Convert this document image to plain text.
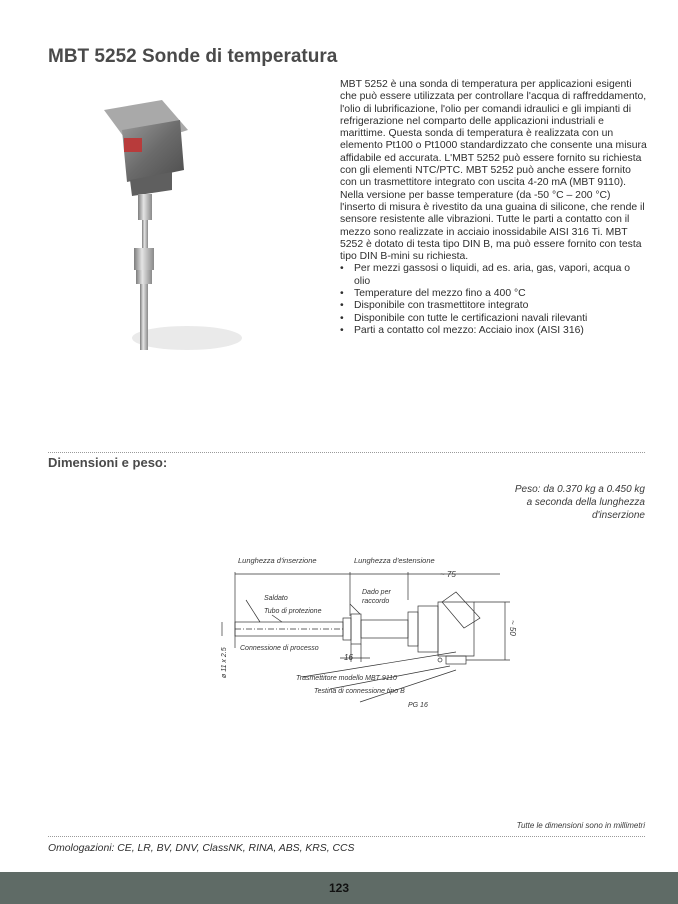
MBT 5252 Sonde di temperatura

MBT 5252 è una sonda di temperatura per applicazioni esigenti che può essere utilizzata per controllare l'acqua di raffreddamento, l'olio di lubrificazione, l'olio per comandi idraulici e gli impianti di refrigerazione nel comparto delle applicazioni industriali e marittime. Questa sonda di temperatura è realizzata con un elemento Pt100 o Pt1000 standardizzato che consente una misura affidabile ed accurata. L'MBT 5252 può essere fornito su richiesta con gli elementi NTC/PTC. MBT 5252 può anche essere fornito con un trasmettitore integrato con uscita 4-20 mA (MBT 9110). Nella versione per basse temperature (da -50 °C – 200 °C) l'inserto di misura è rivestito da una guaina di silicone, che rende il sensore resistente alle vibrazioni. Tutte le parti a contatto con il mezzo sono realizzate in acciaio inossidabile AISI 316 Ti. MBT 5252 è dotato di testa tipo DIN B, ma può essere fornito con testa tipo DIN B-mini su richiesta.

• Per mezzi gassosi o liquidi, ad es. aria, gas, vapori, acqua o olio
• Temperature del mezzo fino a 400 °C
• Disponibile con trasmettitore integrato
• Disponibile con tutte le certificazioni navali rilevanti
• Parti a contatto col mezzo: Acciaio inox (AISI 316)
Dimensioni e peso:
Peso: da 0.370 kg a 0.450 kg
a seconda della lunghezza
d'inserzione
Lunghezza d'inserzione	Lunghezza d'estensione
~ 75
Dado per
raccordo
Saldato
Tubo di protezione
Connessione di processo
16
~ 50
ø 11 x 2.5
Trasmettitore modello MBT 9110
Testina di connessione tipo B
PG 16
Tutte le dimensioni sono in millimetri
Omologazioni: CE, LR, BV, DNV, ClassNK, RINA, ABS, KRS, CCS
123
